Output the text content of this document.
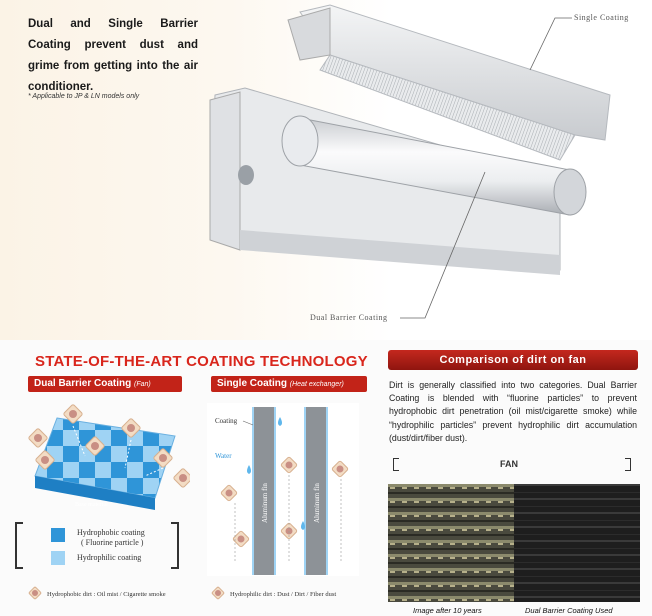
Dual and Single Barrier Coating prevent dust and grime from getting into the air conditioner.
* Applicable to JP & LN models only
Single Coating
Dual Barrier Coating
STATE-OF-THE-ART COATING TECHNOLOGY
Dual Barrier Coating (Fan)	Single Coating (Heat exchanger)
Base material
Hydrophobic coating
( Fluorine particle )
Hydrophilic coating
Aluminum fin	Aluminum fin
Coating
Water
Hydrophobic dirt : Oil mist / Cigarette smoke	Hydrophilic dirt : Dust / Dirt / Fiber dust
Comparison of dirt on fan
Dirt is generally classified into two categories. Dual Barrier Coating is blended with “fluorine particles” to prevent hydrophobic dirt penetration (oil mist/cigarette smoke) while “hydrophilic particles” prevent hydrophilic dirt accumulation (dust/dirt/fiber dust).
FAN
Image after 10 years	Dual Barrier Coating Used
